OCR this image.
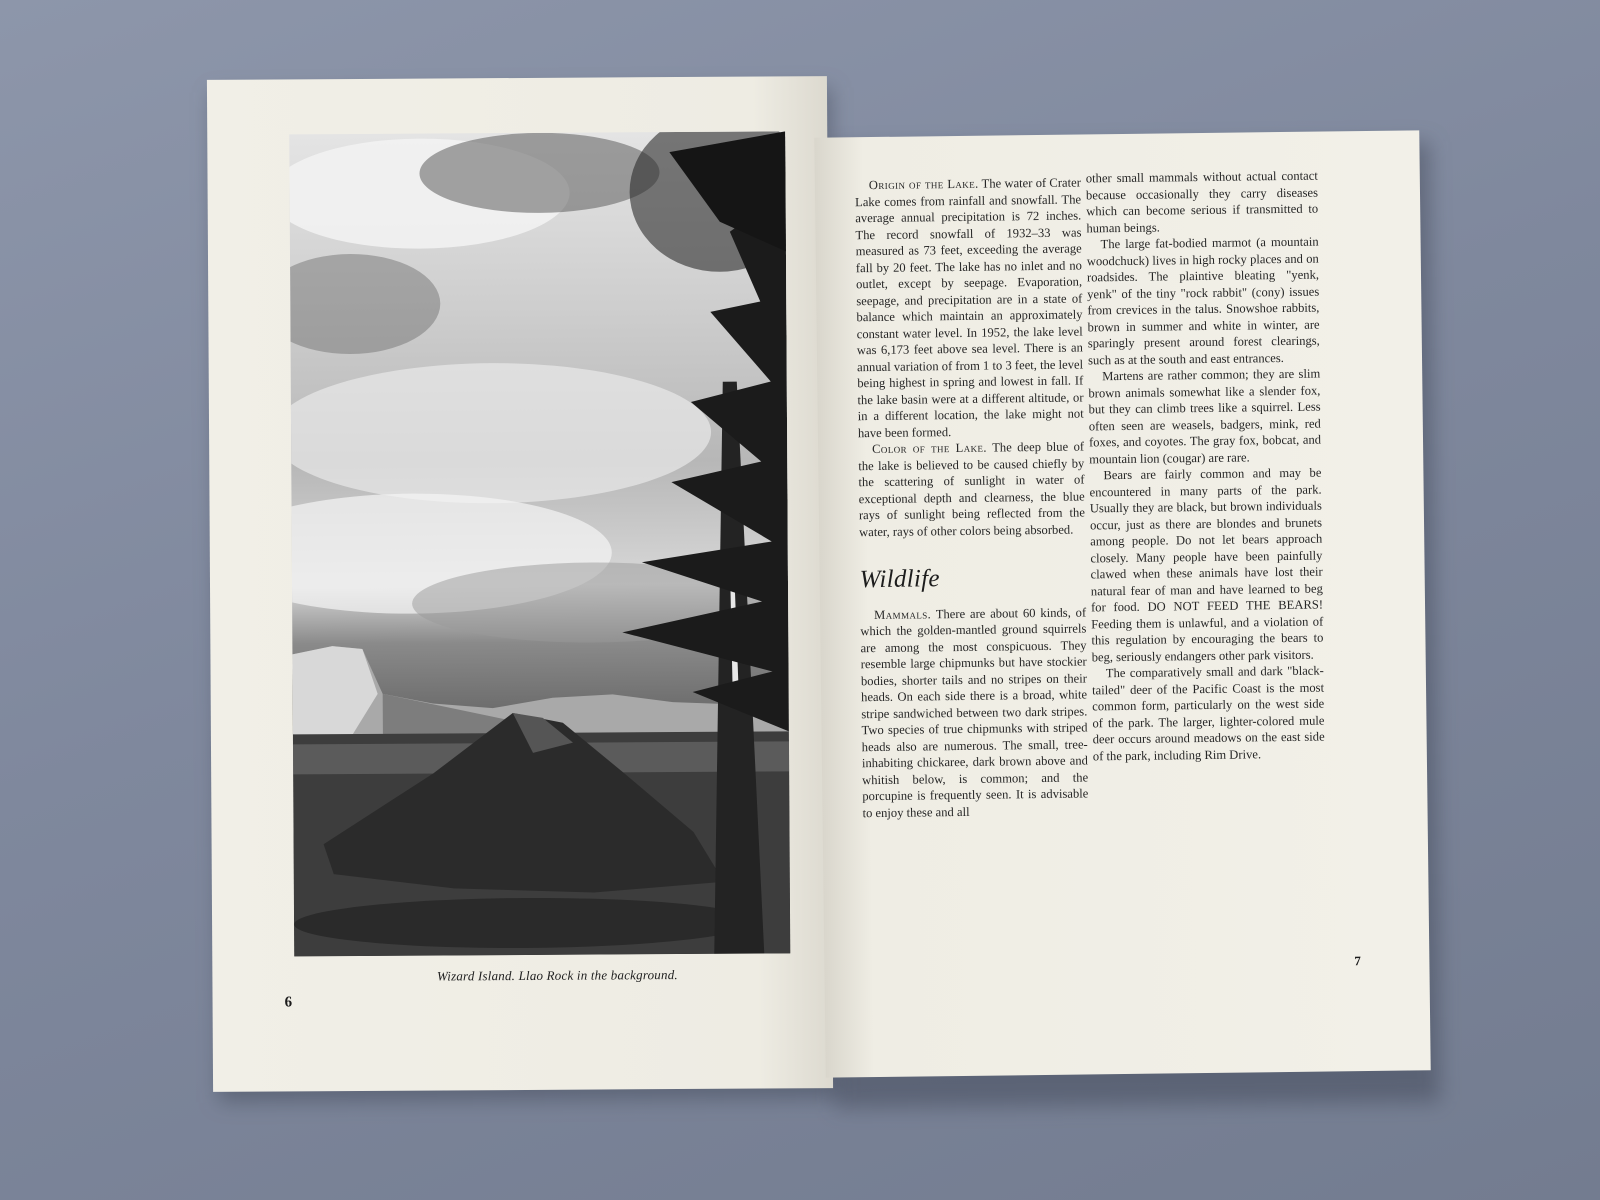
Wizard Island. Llao Rock in the background.
6

Origin of the Lake. The water of Crater Lake comes from rainfall and snowfall. The average annual precipitation is 72 inches. The record snowfall of 1932–33 was measured as 73 feet, exceeding the average fall by 20 feet. The lake has no inlet and no outlet, except by seepage. Evaporation, seepage, and precipitation are in a state of balance which maintain an approximately constant water level. In 1952, the lake level was 6,173 feet above sea level. There is an annual variation of from 1 to 3 feet, the level being highest in spring and lowest in fall. If the lake basin were at a different altitude, or in a different location, the lake might not have been formed.

Color of the Lake. The deep blue of the lake is believed to be caused chiefly by the scattering of sunlight in water of exceptional depth and clearness, the blue rays of sunlight being reflected from the water, rays of other colors being absorbed.

Wildlife

Mammals. There are about 60 kinds, of which the golden-mantled ground squirrels are among the most conspicuous. They resemble large chipmunks but have stockier bodies, shorter tails and no stripes on their heads. On each side there is a broad, white stripe sandwiched between two dark stripes. Two species of true chipmunks with striped heads also are numerous. The small, tree-inhabiting chickaree, dark brown above and whitish below, is common; and the porcupine is frequently seen. It is advisable to enjoy these and all

other small mammals without actual contact because occasionally they carry diseases which can become serious if transmitted to human beings.

The large fat-bodied marmot (a mountain woodchuck) lives in high rocky places and on roadsides. The plaintive bleating "yenk, yenk" of the tiny "rock rabbit" (cony) issues from crevices in the talus. Snowshoe rabbits, brown in summer and white in winter, are sparingly present around forest clearings, such as at the south and east entrances.

Martens are rather common; they are slim brown animals somewhat like a slender fox, but they can climb trees like a squirrel. Less often seen are weasels, badgers, mink, red foxes, and coyotes. The gray fox, bobcat, and mountain lion (cougar) are rare.

Bears are fairly common and may be encountered in many parts of the park. Usually they are black, but brown individuals occur, just as there are blondes and brunets among people. Do not let bears approach closely. Many people have been painfully clawed when these animals have lost their natural fear of man and have learned to beg for food. DO NOT FEED THE BEARS! Feeding them is unlawful, and a violation of this regulation by encouraging the bears to beg, seriously endangers other park visitors.

The comparatively small and dark "black-tailed" deer of the Pacific Coast is the most common form, particularly on the west side of the park. The larger, lighter-colored mule deer occurs around meadows on the east side of the park, including Rim Drive.

7
